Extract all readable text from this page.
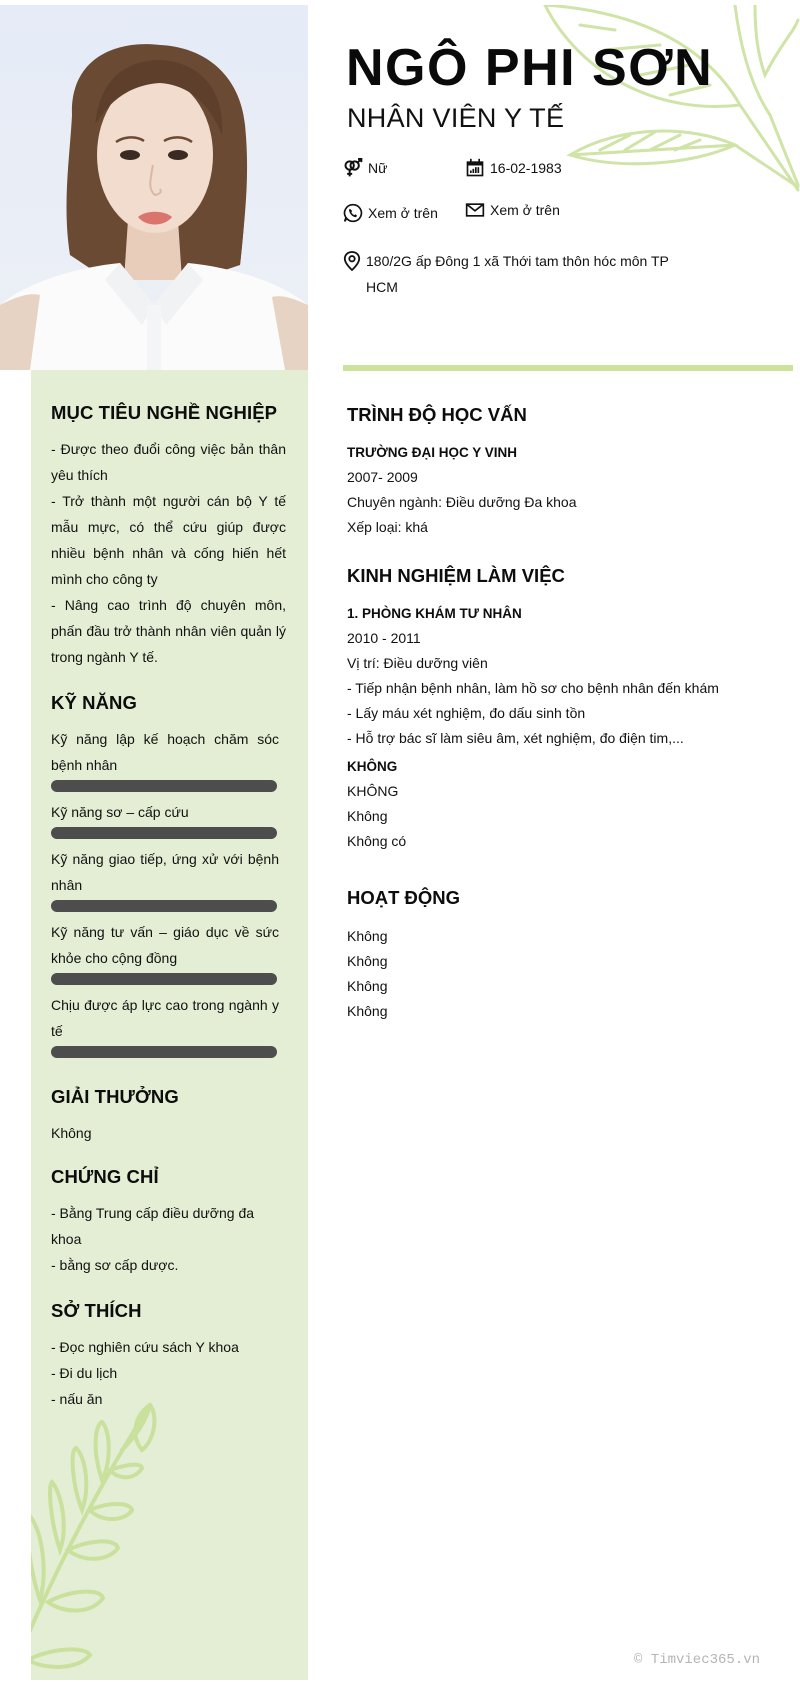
NGÔ PHI SƠN
NHÂN VIÊN Y TẾ
Nữ	16-02-1983
Xem ở trên	Xem ở trên
180/2G ấp Đông 1 xã Thới tam thôn hóc môn TP HCM
MỤC TIÊU NGHỀ NGHIỆP
- Được theo đuổi công việc bản thân yêu thích
- Trở thành một người cán bộ Y tế mẫu mực, có thể cứu giúp được nhiều bệnh nhân và cống hiến hết mình cho công ty
- Nâng cao trình độ chuyên môn, phấn đầu trở thành nhân viên quản lý trong ngành Y tế.
KỸ NĂNG
Kỹ năng lập kế hoạch chăm sóc bệnh nhân
Kỹ năng sơ – cấp cứu
Kỹ năng giao tiếp, ứng xử với bệnh nhân
Kỹ năng tư vấn – giáo dục về sức khỏe cho cộng đồng
Chịu được áp lực cao trong ngành y tế
GIẢI THƯỞNG
Không
CHỨNG CHỈ
- Bằng Trung cấp điều dưỡng đa khoa
- bằng sơ cấp dược.
SỞ THÍCH
- Đọc nghiên cứu sách Y khoa
- Đi du lịch
- nấu ăn
TRÌNH ĐỘ HỌC VẤN
TRƯỜNG ĐẠI HỌC Y VINH
2007- 2009
Chuyên ngành: Điều dưỡng Đa khoa
Xếp loại: khá
KINH NGHIỆM LÀM VIỆC
1. PHÒNG KHÁM TƯ NHÂN
2010 - 2011
Vị trí: Điều dưỡng viên
- Tiếp nhận bệnh nhân, làm hồ sơ cho bệnh nhân đến khám
- Lấy máu xét nghiệm, đo dấu sinh tồn
- Hỗ trợ bác sĩ làm siêu âm, xét nghiệm, đo điện tim,...
KHÔNG
KHÔNG
Không
Không có
HOẠT ĐỘNG
Không
Không
Không
Không
© Timviec365.vn
